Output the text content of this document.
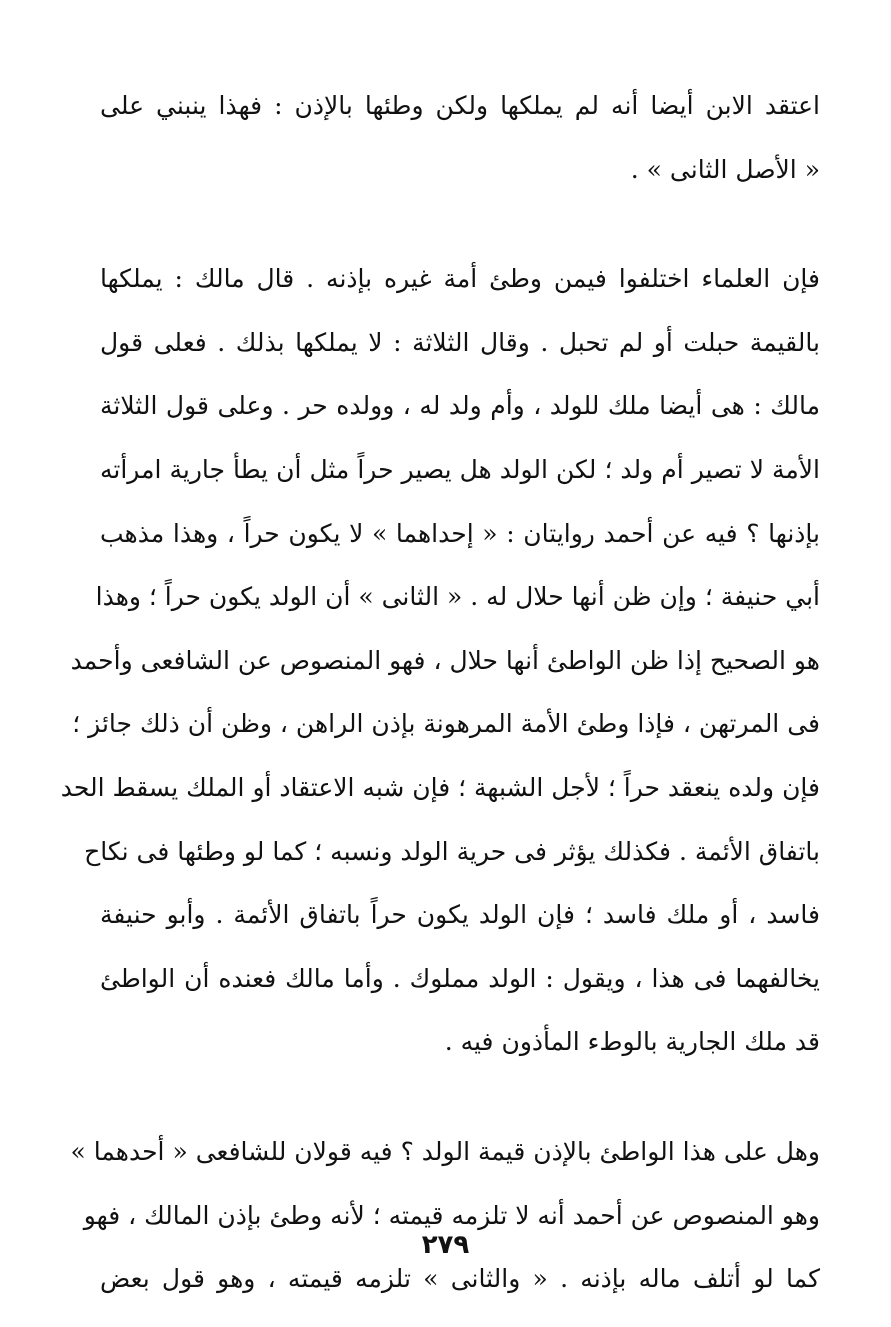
اعتقد الابن أيضا أنه لم يملكها ولكن وطئها بالإذن : فهذا ينبني على
« الأصل الثانى » .
فإن العلماء اختلفوا فيمن وطئ أمة غيره بإذنه . قال مالك : يملكها
بالقيمة حبلت أو لم تحبل . وقال الثلاثة : لا يملكها بذلك . فعلى قول
مالك : هى أيضا ملك للولد ، وأم ولد له ، وولده حر . وعلى قول الثلاثة
الأمة لا تصير أم ولد ؛ لكن الولد هل يصير حراً مثل أن يطأ جارية امرأته
بإذنها ؟ فيه عن أحمد روايتان : « إحداهما » لا يكون حراً ، وهذا مذهب
أبي حنيفة ؛ وإن ظن أنها حلال له . « الثانى » أن الولد يكون حراً ؛ وهذا
هو الصحيح إذا ظن الواطئ أنها حلال ، فهو المنصوص عن الشافعى وأحمد
فى المرتهن ، فإذا وطئ الأمة المرهونة بإذن الراهن ، وظن أن ذلك جائز ؛
فإن ولده ينعقد حراً ؛ لأجل الشبهة ؛ فإن شبه الاعتقاد أو الملك يسقط الحد
باتفاق الأئمة . فكذلك يؤثر فى حرية الولد ونسبه ؛ كما لو وطئها فى نكاح
فاسد ، أو ملك فاسد ؛ فإن الولد يكون حراً باتفاق الأئمة . وأبو حنيفة
يخالفهما فى هذا ، ويقول : الولد مملوك . وأما مالك فعنده أن الواطئ
قد ملك الجارية بالوطء المأذون فيه .
وهل على هذا الواطئ بالإذن قيمة الولد ؟ فيه قولان للشافعى « أحدهما »
وهو المنصوص عن أحمد أنه لا تلزمه قيمته ؛ لأنه وطئ بإذن المالك ، فهو
كما لو أتلف ماله بإذنه . « والثانى » تلزمه قيمته ، وهو قول بعض
٢٧٩
